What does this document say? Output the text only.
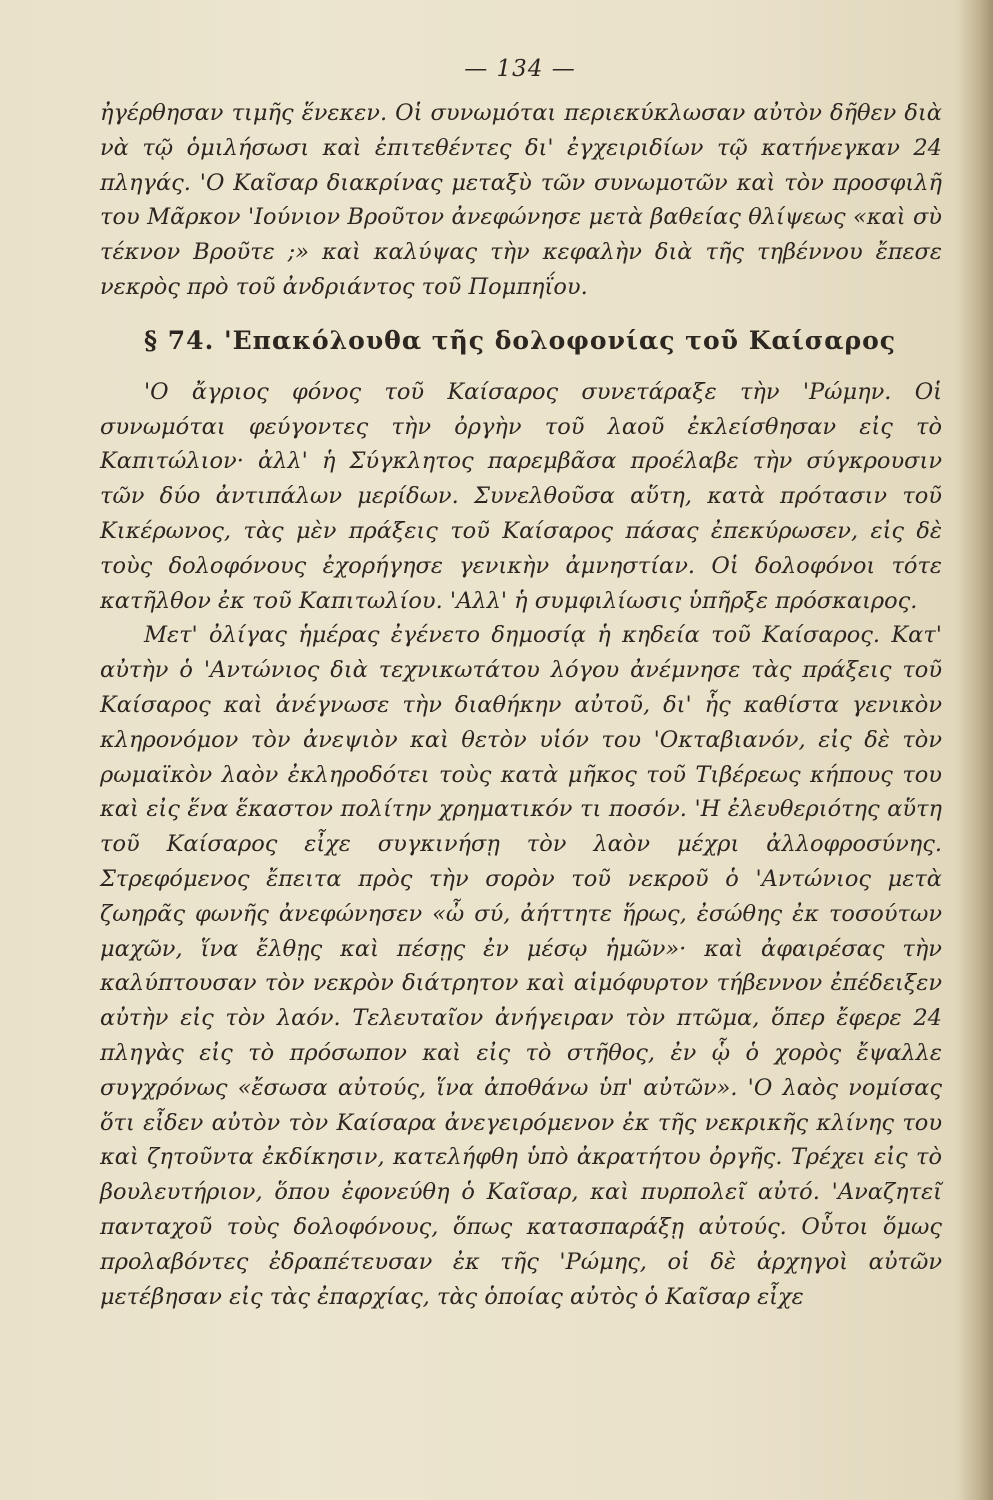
— 134 —

ἠγέρθησαν τιμῆς ἕνεκεν. Οἱ συνωμόται περιεκύκλωσαν αὐτὸν δῆθεν διὰ νὰ τῷ ὁμιλήσωσι καὶ ἐπιτεθέντες δι' ἐγχειριδίων τῷ κατήνεγκαν 24 πληγάς. 'Ο Καῖσαρ διακρίνας μεταξὺ τῶν συνωμοτῶν καὶ τὸν προσφιλῆ του Μᾶρκον 'Ιούνιον Βροῦτον ἀνεφώνησε μετὰ βαθείας θλίψεως «καὶ σὺ τέκνον Βροῦτε ;» καὶ καλύψας τὴν κεφαλὴν διὰ τῆς τηβέννου ἔπεσε νεκρὸς πρὸ τοῦ ἀνδριάντος τοῦ Πομπηΐου.

§ 74. 'Επακόλουθα τῆς δολοφονίας τοῦ Καίσαρος

'Ο ἄγριος φόνος τοῦ Καίσαρος συνετάραξε τὴν 'Ρώμην. Οἱ συνωμόται φεύγοντες τὴν ὀργὴν τοῦ λαοῦ ἐκλείσθησαν εἰς τὸ Καπιτώλιον· ἀλλ' ἡ Σύγκλητος παρεμβᾶσα προέλαβε τὴν σύγκρουσιν τῶν δύο ἀντιπάλων μερίδων. Συνελθοῦσα αὕτη, κατὰ πρότασιν τοῦ Κικέρωνος, τὰς μὲν πράξεις τοῦ Καίσαρος πάσας ἐπεκύρωσεν, εἰς δὲ τοὺς δολοφόνους ἐχορήγησε γενικὴν ἀμνηστίαν. Οἱ δολοφόνοι τότε κατῆλθον ἐκ τοῦ Καπιτωλίου. 'Αλλ' ἡ συμφιλίωσις ὑπῆρξε πρόσκαιρος.

Μετ' ὀλίγας ἡμέρας ἐγένετο δημοσίᾳ ἡ κηδεία τοῦ Καίσαρος. Κατ' αὐτὴν ὁ 'Αντώνιος διὰ τεχνικωτάτου λόγου ἀνέμνησε τὰς πράξεις τοῦ Καίσαρος καὶ ἀνέγνωσε τὴν διαθήκην αὐτοῦ, δι' ἧς καθίστα γενικὸν κληρονόμον τὸν ἀνεψιὸν καὶ θετὸν υἱόν του 'Οκταβιανόν, εἰς δὲ τὸν ρωμαϊκὸν λαὸν ἐκληροδότει τοὺς κατὰ μῆκος τοῦ Τιβέρεως κήπους του καὶ εἰς ἕνα ἕκαστον πολίτην χρηματικόν τι ποσόν. 'Η ἐλευθεριότης αὕτη τοῦ Καίσαρος εἶχε συγκινήσῃ τὸν λαὸν μέχρι ἀλλοφροσύνης. Στρεφόμενος ἔπειτα πρὸς τὴν σορὸν τοῦ νεκροῦ ὁ 'Αντώνιος μετὰ ζωηρᾶς φωνῆς ἀνεφώνησεν «ὦ σύ, ἀήττητε ἥρως, ἐσώθης ἐκ τοσούτων μαχῶν, ἵνα ἔλθῃς καὶ πέσῃς ἐν μέσῳ ἡμῶν»· καὶ ἀφαιρέσας τὴν καλύπτουσαν τὸν νεκρὸν διάτρητον καὶ αἱμόφυρτον τήβεννον ἐπέδειξεν αὐτὴν εἰς τὸν λαόν. Τελευταῖον ἀνήγειραν τὸν πτῶμα, ὅπερ ἔφερε 24 πληγὰς εἰς τὸ πρόσωπον καὶ εἰς τὸ στῆθος, ἐν ᾧ ὁ χορὸς ἔψαλλε συγχρόνως «ἔσωσα αὐτούς, ἵνα ἀποθάνω ὑπ' αὐτῶν». 'Ο λαὸς νομίσας ὅτι εἶδεν αὐτὸν τὸν Καίσαρα ἀνεγειρόμενον ἐκ τῆς νεκρικῆς κλίνης του καὶ ζητοῦντα ἐκδίκησιν, κατελήφθη ὑπὸ ἀκρατήτου ὀργῆς. Τρέχει εἰς τὸ βουλευτήριον, ὅπου ἐφονεύθη ὁ Καῖσαρ, καὶ πυρπολεῖ αὐτό. 'Αναζητεῖ πανταχοῦ τοὺς δολοφόνους, ὅπως κατασπαράξῃ αὐτούς. Οὗτοι ὅμως προλαβόντες ἐδραπέτευσαν ἐκ τῆς 'Ρώμης, οἱ δὲ ἀρχηγοὶ αὐτῶν μετέβησαν εἰς τὰς ἐπαρχίας, τὰς ὁποίας αὐτὸς ὁ Καῖσαρ εἶχε
